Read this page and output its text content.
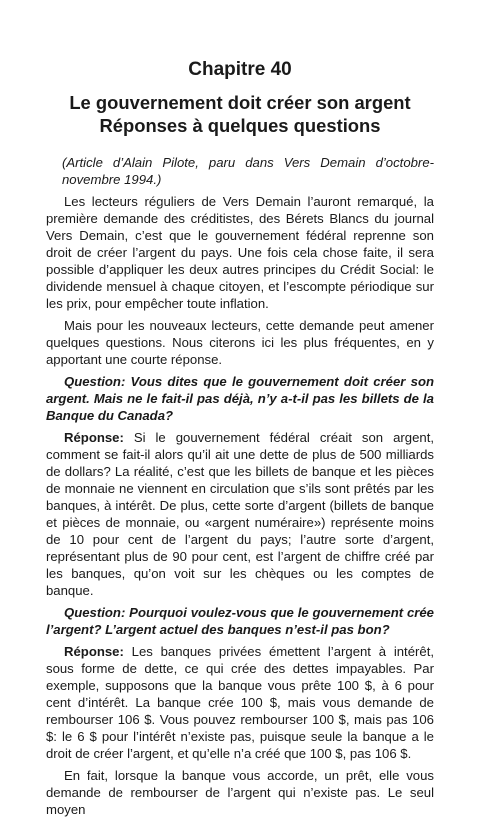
Chapitre 40
Le gouvernement doit créer son argent
Réponses à quelques questions

(Article d’Alain Pilote, paru dans Vers Demain d’octobre-novembre 1994.)

Les lecteurs réguliers de Vers Demain l’auront remarqué, la première demande des créditistes, des Bérets Blancs du journal Vers Demain, c’est que le gouvernement fédéral reprenne son droit de créer l’argent du pays. Une fois cela chose faite, il sera possible d’appliquer les deux autres principes du Crédit Social: le dividende mensuel à chaque citoyen, et l’escompte périodique sur les prix, pour empêcher toute inflation.

Mais pour les nouveaux lecteurs, cette demande peut amener quelques questions. Nous citerons ici les plus fréquentes, en y apportant une courte réponse.

Question: Vous dites que le gouvernement doit créer son argent. Mais ne le fait-il pas déjà, n’y a-t-il pas les billets de la Banque du Canada?

Réponse: Si le gouvernement fédéral créait son argent, comment se fait-il alors qu’il ait une dette de plus de 500 milliards de dollars? La réalité, c’est que les billets de banque et les pièces de monnaie ne viennent en circulation que s’ils sont prêtés par les banques, à intérêt. De plus, cette sorte d’argent (billets de banque et pièces de monnaie, ou «argent numéraire») représente moins de 10 pour cent de l’argent du pays; l’autre sorte d’argent, représentant plus de 90 pour cent, est l’argent de chiffre créé par les banques, qu’on voit sur les chèques ou les comptes de banque.

Question: Pourquoi voulez-vous que le gouvernement crée l’argent? L’argent actuel des banques n’est-il pas bon?

Réponse: Les banques privées émettent l’argent à intérêt, sous forme de dette, ce qui crée des dettes impayables. Par exemple, supposons que la banque vous prête 100 $, à 6 pour cent d’intérêt. La banque crée 100 $, mais vous demande de rembourser 106 $. Vous pouvez rembourser 100 $, mais pas 106 $: le 6 $ pour l’intérêt n’existe pas, puisque seule la banque a le droit de créer l’argent, et qu’elle n’a créé que 100 $, pas 106 $.

En fait, lorsque la banque vous accorde, un prêt, elle vous demande de rembourser de l’argent qui n’existe pas. Le seul moyen
